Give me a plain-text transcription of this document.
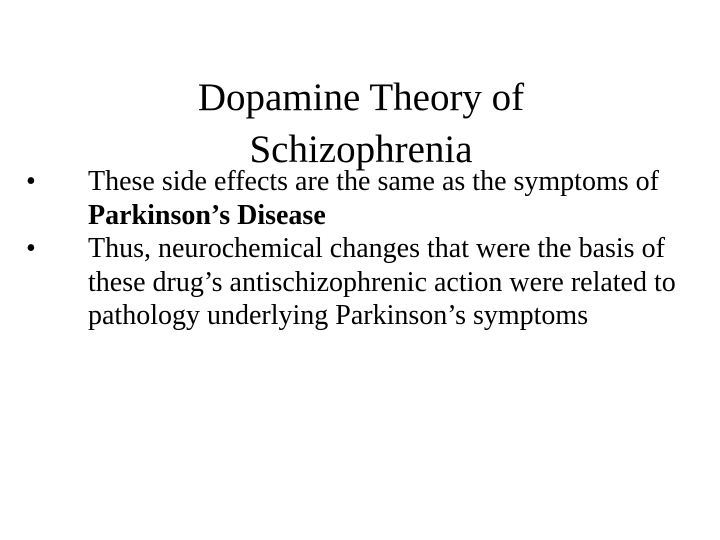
Dopamine Theory of
Schizophrenia
•	These side effects are the same as the symptoms of Parkinson’s Disease
•	Thus, neurochemical changes that were the basis of these drug’s antischizophrenic action were related to pathology underlying Parkinson’s symptoms
